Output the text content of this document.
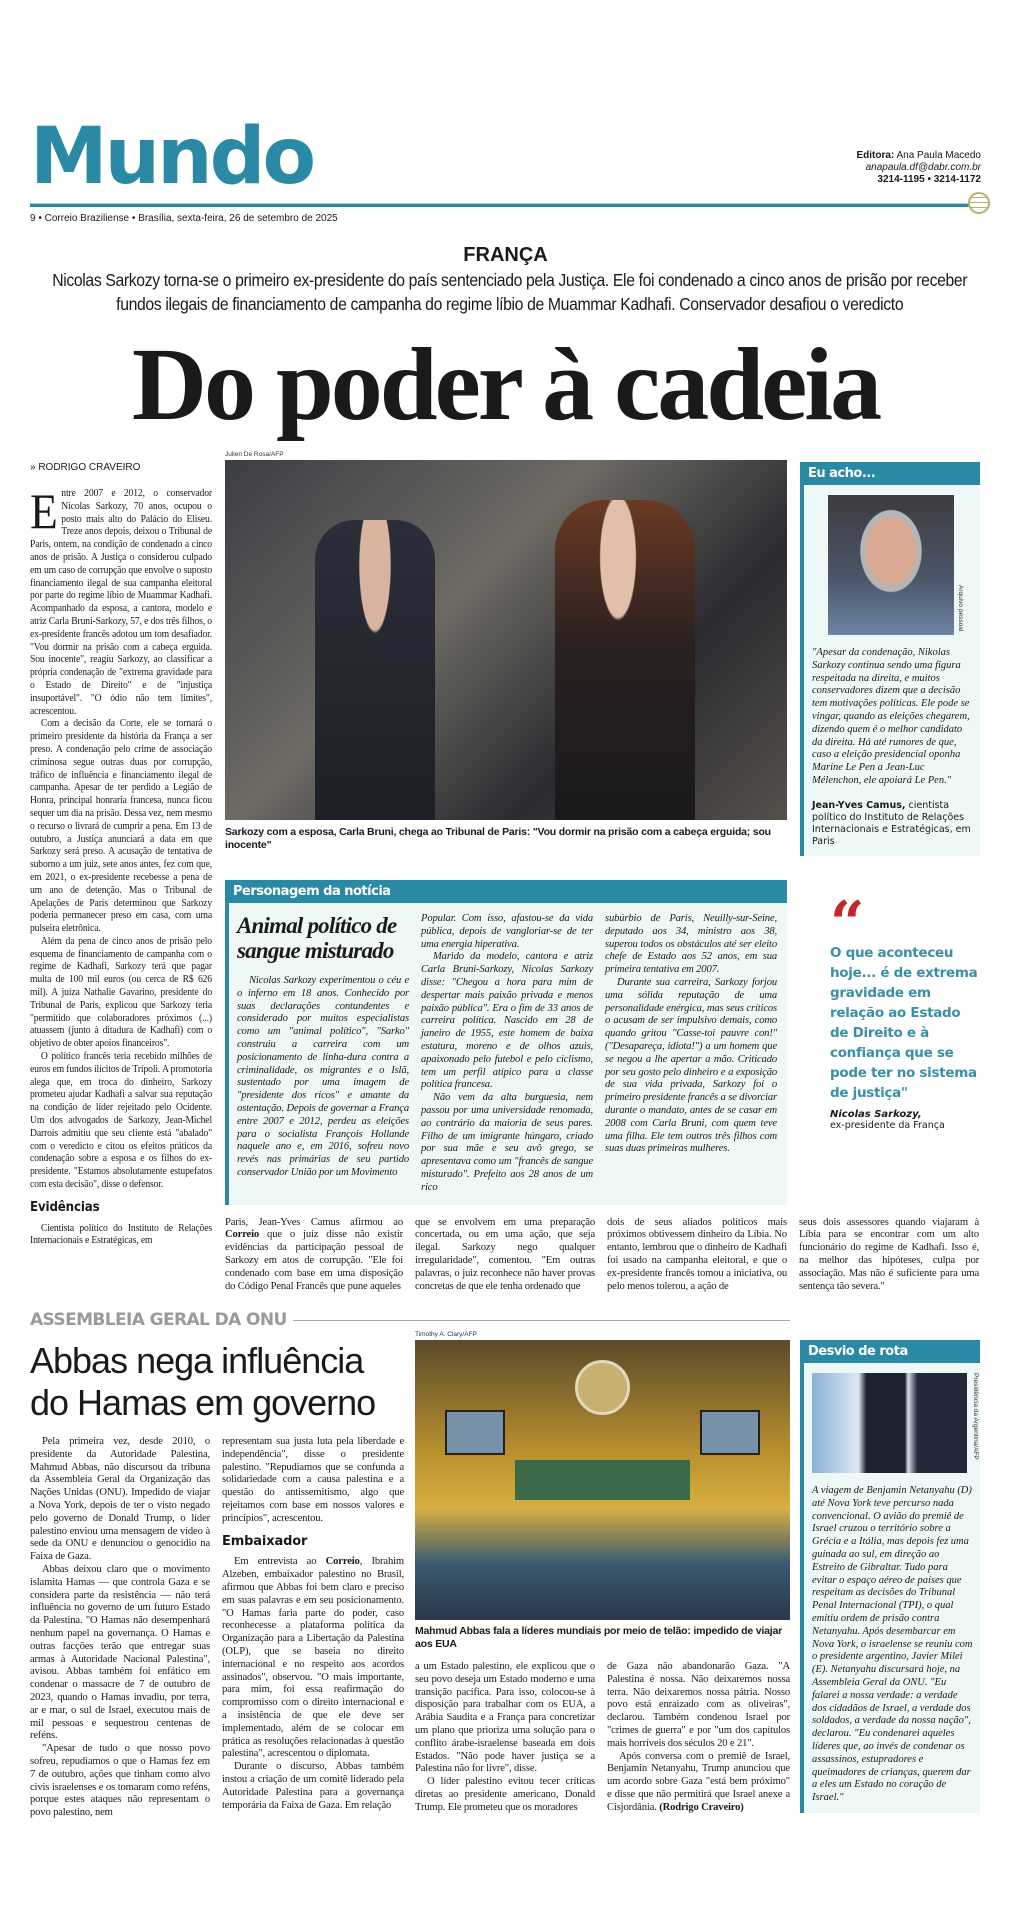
Mundo	Editora: Ana Paula Macedo
anapaula.df@dabr.com.br
3214-1195 • 3214-1172
9 • Correio Braziliense • Brasília, sexta-feira, 26 de setembro de 2025
FRANÇA
Nicolas Sarkozy torna-se o primeiro ex-presidente do país sentenciado pela Justiça. Ele foi condenado a cinco anos de prisão por receber fundos ilegais de financiamento de campanha do regime líbio de Muammar Kadhafi. Conservador desafiou o veredicto
Do poder à cadeia
» RODRIGO CRAVEIRO

Entre 2007 e 2012, o conservador Nicolas Sarkozy, 70 anos, ocupou o posto mais alto do Palácio do Eliseu. Treze anos depois, deixou o Tribunal de Paris, ontem, na condição de condenado a cinco anos de prisão. A Justiça o considerou culpado em um caso de corrupção que envolve o suposto financiamento ilegal de sua campanha eleitoral por parte do regime líbio de Muammar Kadhafi. Acompanhado da esposa, a cantora, modelo e atriz Carla Bruni-Sarkozy, 57, e dos três filhos, o ex-presidente francês adotou um tom desafiador. "Vou dormir na prisão com a cabeça erguida. Sou inocente", reagiu Sarkozy, ao classificar a própria condenação de "extrema gravidade para o Estado de Direito" e de "injustiça insuportável". "O ódio não tem limites", acrescentou.

Com a decisão da Corte, ele se tornará o primeiro presidente da história da França a ser preso. A condenação pelo crime de associação criminosa segue outras duas por corrupção, tráfico de influência e financiamento ilegal de campanha. Apesar de ter perdido a Legião de Honra, principal honraria francesa, nunca ficou sequer um dia na prisão. Dessa vez, nem mesmo o recurso o livrará de cumprir a pena. Em 13 de outubro, a Justiça anunciará a data em que Sarkozy será preso. A acusação de tentativa de suborno a um juiz, sete anos antes, fez com que, em 2021, o ex-presidente recebesse a pena de um ano de detenção. Mas o Tribunal de Apelações de Paris determinou que Sarkozy poderia permanecer preso em casa, com uma pulseira eletrônica.

Além da pena de cinco anos de prisão pelo esquema de financiamento de campanha com o regime de Kadhafi, Sarkozy terá que pagar multa de 100 mil euros (ou cerca de R$ 626 mil). A juíza Nathalie Gavarino, presidente do Tribunal de Paris, explicou que Sarkozy teria "permitido que colaboradores próximos (...) atuassem (junto à ditadura de Kadhafi) com o objetivo de obter apoios financeiros".

O político francês teria recebido milhões de euros em fundos ilícitos de Trípoli. A promotoria alega que, em troca do dinheiro, Sarkozy prometeu ajudar Kadhafi a salvar sua reputação na condição de líder rejeitado pelo Ocidente. Um dos advogados de Sarkozy, Jean-Michel Darrois admitiu que seu cliente está "abalado" com o veredicto e citou os efeitos práticos da condenação sobre a esposa e os filhos do ex-presidente. "Estamos absolutamente estupefatos com esta decisão", disse o defensor.

Evidências

Cientista político do Instituto de Relações Internacionais e Estratégicas, em

Julien De Rosa/AFP
Sarkozy com a esposa, Carla Bruni, chega ao Tribunal de Paris: "Vou dormir na prisão com a cabeça erguida; sou inocente"
Eu acho...
Arquivo pessoal

"Apesar da condenação, Nikolas Sarkozy continua sendo uma figura respeitada na direita, e muitos conservadores dizem que a decisão tem motivações políticas. Ele pode se vingar, quando as eleições chegarem, dizendo quem é o melhor candidato da direita. Há até rumores de que, caso a eleição presidencial oponha Marine Le Pen a Jean-Luc Mélenchon, ele apoiará Le Pen."

Jean-Yves Camus, cientista político do Instituto de Relações Internacionais e Estratégicas, em Paris

Personagem da notícia
Animal político de sangue misturado

Nicolas Sarkozy experimentou o céu e o inferno em 18 anos. Conhecido por suas declarações contundentes e considerado por muitos especialistas como um "animal político", "Sarko" construiu a carreira com um posicionamento de linha-dura contra a criminalidade, os migrantes e o Islã, sustentado por uma imagem de "presidente dos ricos" e amante da ostentação. Depois de governar a França entre 2007 e 2012, perdeu as eleições para o socialista François Hollande naquele ano e, em 2016, sofreu novo revés nas primárias de seu partido conservador União por um Movimento

Popular. Com isso, afastou-se da vida pública, depois de vangloriar-se de ter uma energia hiperativa.

Marido da modelo, cantora e atriz Carla Bruni-Sarkozy, Nicolas Sarkozy disse: "Chegou a hora para mim de despertar mais paixão privada e menos paixão pública". Era o fim de 33 anos de carreira política. Nascido em 28 de janeiro de 1955, este homem de baixa estatura, moreno e de olhos azuis, apaixonado pelo futebol e pelo ciclismo, tem um perfil atípico para a classe política francesa.

Não vem da alta burguesia, nem passou por uma universidade renomada, ao contrário da maioria de seus pares. Filho de um imigrante húngaro, criado por sua mãe e seu avô grego, se apresentava como um "francês de sangue misturado". Prefeito aos 28 anos de um rico

subúrbio de Paris, Neuilly-sur-Seine, deputado aos 34, ministro aos 38, superou todos os obstáculos até ser eleito chefe de Estado aos 52 anos, em sua primeira tentativa em 2007.

Durante sua carreira, Sarkozy forjou uma sólida reputação de uma personalidade enérgica, mas seus críticos o acusam de ser impulsivo demais, como quando gritou "Casse-toi pauvre con!" ("Desapareça, idiota!") a um homem que se negou a lhe apertar a mão. Criticado por seu gosto pelo dinheiro e a exposição de sua vida privada, Sarkozy foi o primeiro presidente francês a se divorciar durante o mandato, antes de se casar em 2008 com Carla Bruni, com quem teve uma filha. Ele tem outros três filhos com suas duas primeiras mulheres.

“
O que aconteceu hoje... é de extrema gravidade em relação ao Estado de Direito e à confiança que se pode ter no sistema de justiça"
Nicolas Sarkozy,
ex-presidente da França

Paris, Jean-Yves Camus afirmou ao Correio que o juiz disse não existir evidências da participação pessoal de Sarkozy em atos de corrupção. "Ele foi condenado com base em uma disposição do Código Penal Francês que pune aqueles

que se envolvem em uma preparação concertada, ou em uma ação, que seja ilegal. Sarkozy nego qualquer irregularidade", comentou. "Em outras palavras, o juiz reconhece não haver provas concretas de que ele tenha ordenado que

dois de seus aliados políticos mais próximos obtivessem dinheiro da Líbia. No entanto, lembrou que o dinheiro de Kadhafi foi usado na campanha eleitoral, e que o ex-presidente francês tomou a iniciativa, ou pelo menos tolerou, a ação de

seus dois assessores quando viajaram à Líbia para se encontrar com um alto funcionário do regime de Kadhafi. Isso é, na melhor das hipóteses, culpa por associação. Mas não é suficiente para uma sentença tão severa."

ASSEMBLEIA GERAL DA ONU
Abbas nega influência do Hamas em governo

Pela primeira vez, desde 2010, o presidente da Autoridade Palestina, Mahmud Abbas, não discursou da tribuna da Assembleia Geral da Organização das Nações Unidas (ONU). Impedido de viajar a Nova York, depois de ter o visto negado pelo governo de Donald Trump, o líder palestino enviou uma mensagem de vídeo à sede da ONU e denunciou o genocídio na Faixa de Gaza.

Abbas deixou claro que o movimento islamita Hamas — que controla Gaza e se considera parte da resistência — não terá influência no governo de um futuro Estado da Palestina. "O Hamas não desempenhará nenhum papel na governança. O Hamas e outras facções terão que entregar suas armas à Autoridade Nacional Palestina", avisou. Abbas também foi enfático em condenar o massacre de 7 de outubro de 2023, quando o Hamas invadiu, por terra, ar e mar, o sul de Israel, executou mais de mil pessoas e sequestrou centenas de reféns.

"Apesar de tudo o que nosso povo sofreu, repudiamos o que o Hamas fez em 7 de outubro, ações que tinham como alvo civis israelenses e os tomaram como reféns, porque estes ataques não representam o povo palestino, nem

representam sua justa luta pela liberdade e independência", disse o presidente palestino. "Repudiamos que se confunda a solidariedade com a causa palestina e a questão do antissemitismo, algo que rejeitamos com base em nossos valores e princípios", acrescentou.

Embaixador

Em entrevista ao Correio, Ibrahim Alzeben, embaixador palestino no Brasil, afirmou que Abbas foi bem claro e preciso em suas palavras e em seu posicionamento. "O Hamas faria parte do poder, caso reconhecesse a plataforma política da Organização para a Libertação da Palestina (OLP), que se baseia no direito internacional e no respeito aos acordos assinados", observou. "O mais importante, para mim, foi essa reafirmação do compromisso com o direito internacional e a insistência de que ele deve ser implementado, além de se colocar em prática as resoluções relacionadas à questão palestina", acrescentou o diplomata.

Durante o discurso, Abbas também instou a criação de um comitê liderado pela Autoridade Palestina para a governança temporária da Faixa de Gaza. Em relação

Timothy A. Clary/AFP
Mahmud Abbas fala a líderes mundiais por meio de telão: impedido de viajar aos EUA

a um Estado palestino, ele explicou que o seu povo deseja um Estado moderno e uma transição pacífica. Para isso, colocou-se à disposição para trabalhar com os EUA, a Arábia Saudita e a França para concretizar um plano que prioriza uma solução para o conflito árabe-israelense baseada em dois Estados. "Não pode haver justiça se a Palestina não for livre", disse.

O líder palestino evitou tecer críticas diretas ao presidente americano, Donald Trump. Ele prometeu que os moradores

de Gaza não abandonarão Gaza. "A Palestina é nossa. Não deixaremos nossa terra. Não deixaremos nossa pátria. Nosso povo está enraizado com as oliveiras", declarou. Também condenou Israel por "crimes de guerra" e por "um dos capítulos mais horríveis dos séculos 20 e 21".

Após conversa com o premiê de Israel, Benjamin Netanyahu, Trump anunciou que um acordo sobre Gaza "está bem próximo" e disse que não permitirá que Israel anexe a Cisjordânia. (Rodrigo Craveiro)

Desvio de rota
Presidência da Argentina/AFP

A viagem de Benjamin Netanyahu (D) até Nova York teve percurso nada convencional. O avião do premiê de Israel cruzou o território sobre a Grécia e a Itália, mas depois fez uma guinada ao sul, em direção ao Estreito de Gibraltar. Tudo para evitar o espaço aéreo de países que respeitam as decisões do Tribunal Penal Internacional (TPI), o qual emitiu ordem de prisão contra Netanyahu. Após desembarcar em Nova York, o israelense se reuniu com o presidente argentino, Javier Milei (E). Netanyahu discursará hoje, na Assembleia Geral da ONU. "Eu falarei a nossa verdade: a verdade dos cidadãos de Israel, a verdade dos soldados, a verdade da nossa nação", declarou. "Eu condenarei aqueles líderes que, ao invés de condenar os assassinos, estupradores e queimadores de crianças, querem dar a eles um Estado no coração de Israel."
